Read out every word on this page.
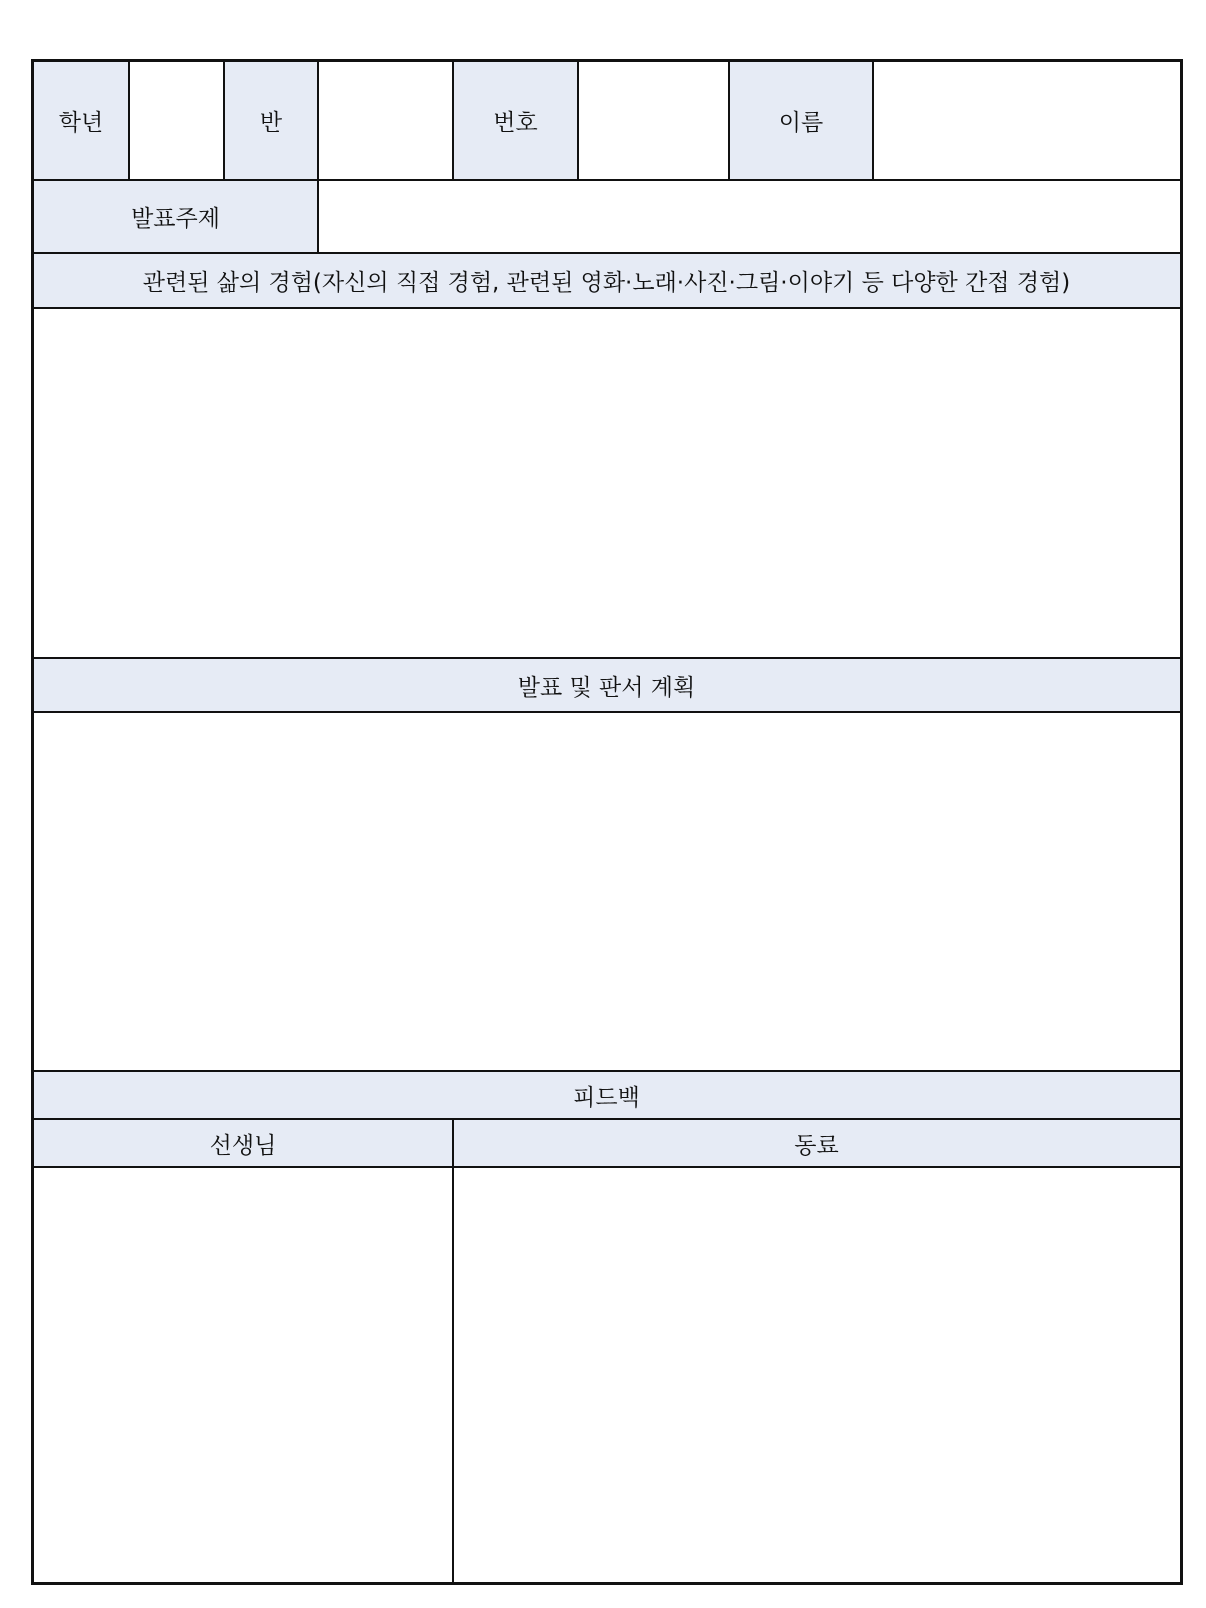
학년	반	번호	이름
발표주제
관련된 삶의 경험(자신의 직접 경험, 관련된 영화·노래·사진·그림·이야기 등 다양한 간접 경험)
발표 및 판서 계획
피드백
선생님	동료
